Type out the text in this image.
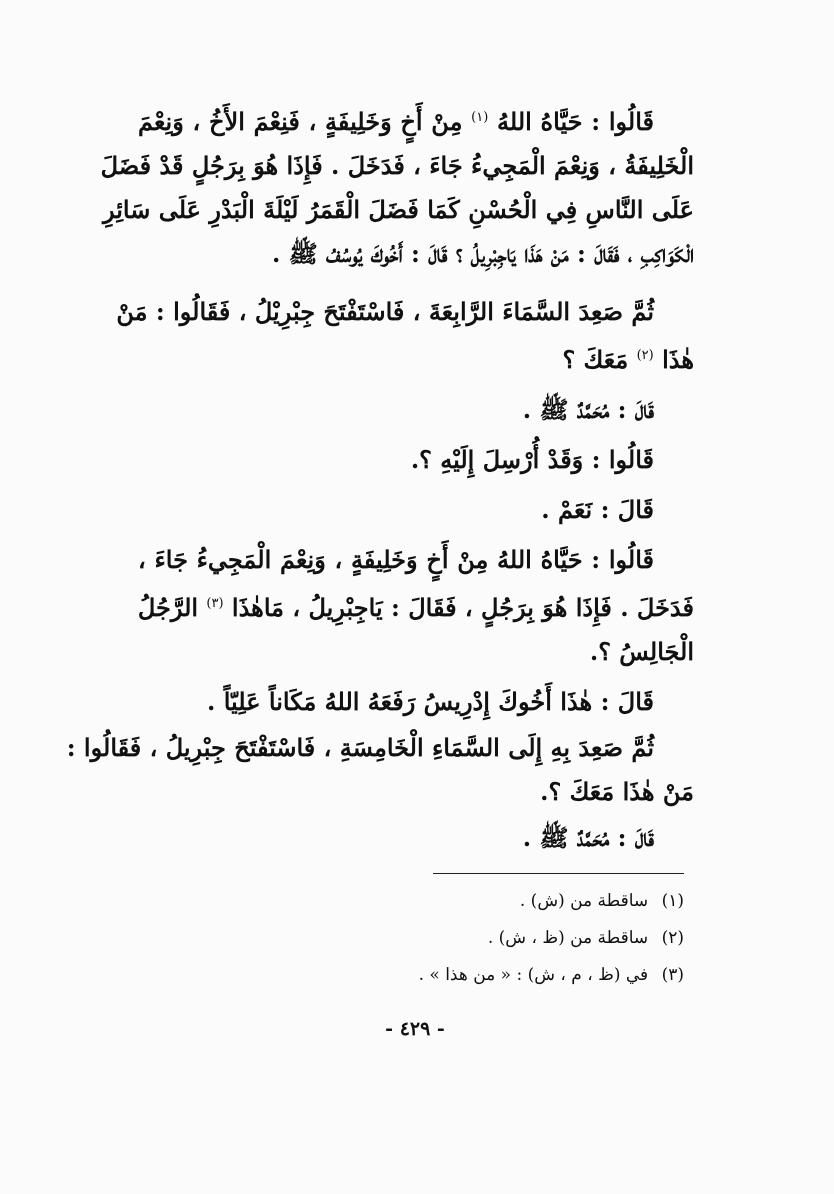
قَالُوا : حَيَّاهُ اللهُ $^{(١)}$ مِنْ أَخٍ وَخَلِيفَةٍ ، فَنِعْمَ الأَخُ ، وَنِعْمَ
الْخَلِيفَةُ ، وَنِعْمَ الْمَجِيءُ جَاءَ ، فَدَخَلَ . فَإِذَا هُوَ بِرَجُلٍ قَدْ فَضَلَ
عَلَى النَّاسِ فِي الْحُسْنِ كَمَا فَضَلَ الْقَمَرُ لَيْلَةَ الْبَدْرِ عَلَى سَائِرِ
الْكَوَاكِبِ ، فَقَالَ : مَنْ هَذَا يَاجِبْرِيلُ ؟ قَالَ : أَخُوكَ يُوسُفُ ﷺ .

ثُمَّ صَعِدَ السَّمَاءَ الرَّابِعَةَ ، فَاسْتَفْتَحَ جِبْرِيْلُ ، فَقَالُوا : مَنْ
هٰذَا $^{(٢)}$ مَعَكَ ؟

قَالَ : مُحَمَّدٌ ﷺ .

قَالُوا : وَقَدْ أُرْسِلَ إِلَيْهِ ؟.

قَالَ : نَعَمْ .

قَالُوا : حَيَّاهُ اللهُ مِنْ أَخٍ وَخَلِيفَةٍ ، وَنِعْمَ الْمَجِيءُ جَاءَ ،
فَدَخَلَ . فَإِذَا هُوَ بِرَجُلٍ ، فَقَالَ : يَاجِبْرِيلُ ، مَاهٰذَا $^{(٣)}$ الرَّجُلُ
الْجَالِسُ ؟.

قَالَ : هٰذَا أَخُوكَ إِدْرِيسُ رَفَعَهُ اللهُ مَكَاناً عَلِيّاً .

ثُمَّ صَعِدَ بِهِ إِلَى السَّمَاءِ الْخَامِسَةِ ، فَاسْتَفْتَحَ جِبْرِيلُ ، فَقَالُوا :
مَنْ هٰذَا مَعَكَ ؟.

قَالَ : مُحَمَّدٌ ﷺ .

(١) ساقطة من (ش) .
(٢) ساقطة من (ظ ، ش) .
(٣) في (ظ ، م ، ش) : « من هذا » .
- ٤٢٩ -
